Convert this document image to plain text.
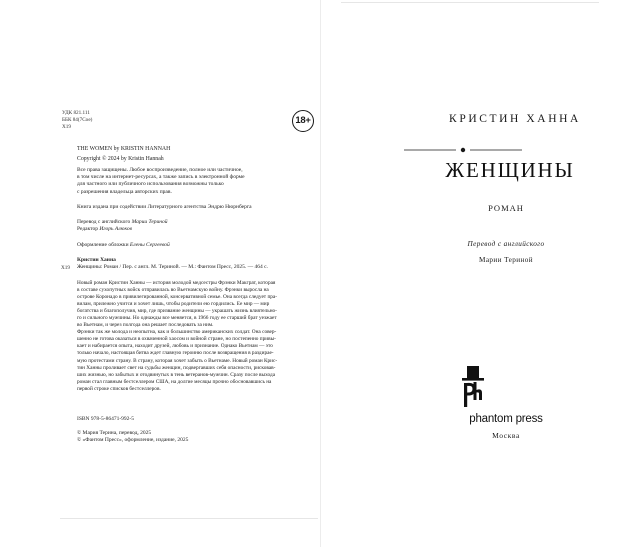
УДК 821.111
ББК 84(7Сое)
Х19
18+
THE WOMEN by KRISTIN HANNAH
Copyright © 2024 by Kristin Hannah

Все права защищены. Любое воспроизведение, полное или частичное,

в том числе на интернет-ресурсах, а также запись в электронной форме

для частного или публичного использования возможны только

с разрешения владельца авторских прав.

Книга издана при содействии Литературного агентства Эндрю Нюрнберга

Перевод с английского Марии Териной

Редактор Игорь Алюков

Оформление обложки Елены Сергеевой

Кристин Ханна

Женщины: Роман / Пер. с англ. М. Териной. — М.: Фантом Пресс, 2025. — 464 с.

Х19

Новый роман Кристин Ханны — история молодой медсестры Фрэнки Макграт, которая

в составе сухопутных войск отправилась во Вьетнамскую войну. Фрэнки выросла на

острове Коронадо в привилегированной, консервативной семье. Она всегда следует пра-

вилам, прилежно учится и хочет лишь, чтобы родители ею гордились. Ее мир — мир

богатства и благополучия, мир, где призвание женщины — украшать жизнь влиятельно-

го и сильного мужчины. Но однажды все меняется, в 1966 году ее старший брат уезжает

во Вьетнам, и через полгода она решает последовать за ним.

Фрэнки так же молода и неопытна, как и большинство американских солдат. Она совер-

шенно не готова оказаться в охваченной хаосом и войной стране, но постепенно привы-

кает и набирается опыта, находит друзей, любовь и признание. Однако Вьетнам — это

только начало, настоящая битва ждет главную героиню после возвращения в раздирае-

мую протестами страну. В страну, которая хочет забыть о Вьетнаме. Новый роман Крис-

тин Ханны проливает свет на судьбы женщин, подвергавших себя опасности, рисковав-

ших жизнью, но забытых и отодвинутых в тень ветеранов-мужчин. Сразу после выхода

роман стал главным бестселлером США, на долгие месяцы прочно обосновавшись на

первой строке списков бестселлеров.

ISBN 978-5-86471-992-5

© Мария Терина, перевод, 2025

© «Фантом Пресс», оформление, издание, 2025

КРИСТИН ХАННА
ЖЕНЩИНЫ
РОМАН
Перевод с английского
Марии Териной
phantom press
Москва
